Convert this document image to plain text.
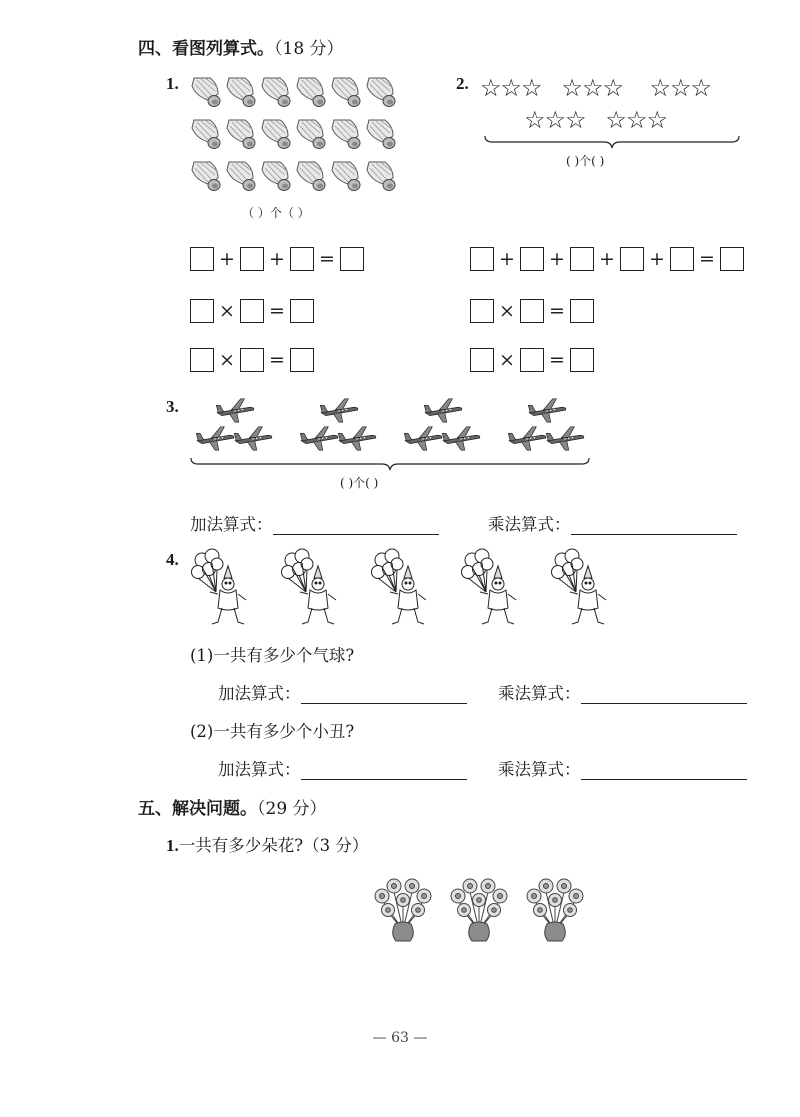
四、看图列算式。（18 分）
1.
（ ）个（ ）
+ + =
× =
× =
2. ☆☆☆   ☆☆☆    ☆☆☆
☆☆☆   ☆☆☆
( )个( )
+ + + + =
× =
× =
3.
( )个( )
加法算式：	乘法算式：
4.
(1)一共有多少个气球?
加法算式：	乘法算式：
(2)一共有多少个小丑?
加法算式：	乘法算式：
五、解决问题。（29 分）
1.一共有多少朵花?（3 分）
— 63 —
